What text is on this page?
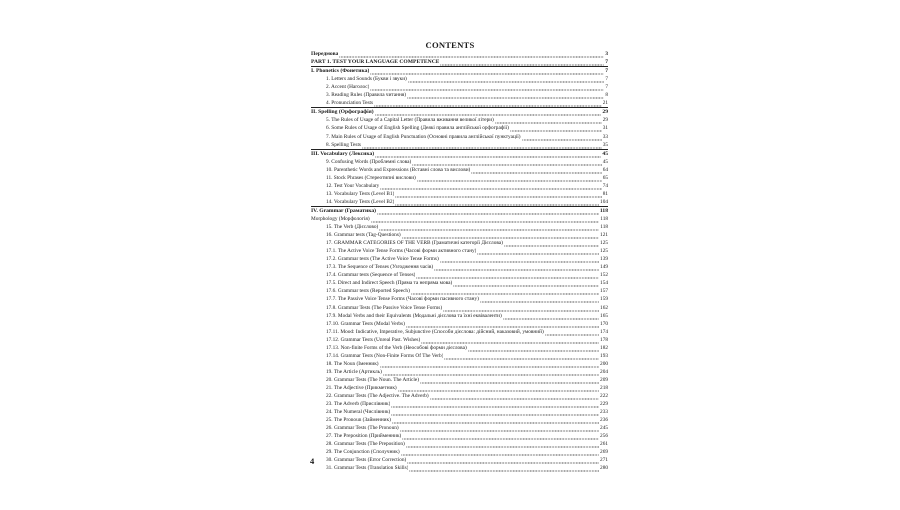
CONTENTS
Передмова	3
PART 1. TEST YOUR LANGUAGE COMPETENCE	7
I. Phonetics (Фонетика)	7
1. Letters and Sounds (Букви і звуки)	7
2. Accent (Наголос)	7
3. Reading Rules (Правила читання)	8
4. Pronunciation Tests	21
II. Spelling (Орфографія)	29
5. The Rules of Usage of a Capital Letter (Правила вживання великої літери)	29
6. Some Rules of Usage of English Spelling (Деякі правила англійської орфографії)	31
7. Main Rules of Usage of English Punctuation (Основні правила англійської пунктуації)	33
8. Spelling Tests	35
III. Vocabulary (Лексика)	45
9. Confusing Words (Проблемні слова)	45
10. Parenthetic Words and Expressions (Вставні слова та вислови)	64
11. Stock Phrases (Стереотипні вислови)	65
12. Test Your Vocabulary	74
13. Vocabulary Tests (Level B1)	81
14. Vocabulary Tests (Level B2)	104
IV. Grammar (Граматика)	118
Morphology (Морфологія)	118
15. The Verb (Дієслово)	118
16. Grammar tests (Tag-Questions)	121
17. GRAMMAR CATEGORIES OF THE VERB (Граматичні категорії Дієслова)	125
17.1. The Active Voice Tense Forms (Часові форми активного стану)	125
17.2. Grammar tests (The Active Voice Tense Forms)	139
17.3. The Sequence of Tenses (Узгодження часів)	149
17.4. Grammar tests (Sequence of Tenses)	152
17.5. Direct and Indirect Speech (Пряма та непряма мова)	154
17.6. Grammar tests (Reported Speech)	157
17.7. The Passive Voice Tense Forms (Часові форми пасивного стану)	159
17.8. Grammar Tests (The Passive Voice Tense Forms)	162
17.9. Modal Verbs and their Equivalents (Модальні дієслова та їхні еквіваленти)	165
17.10. Grammar Tests (Modal Verbs)	170
17.11. Mood: Indicative, Imperative, Subjunctive (Способи дієслова: дійсний, наказовий, умовний)	174
17.12. Grammar Tests (Unreal Past. Wishes)	178
17.13. Non-finite Forms of the Verb (Неособові форми дієслова)	182
17.14. Grammar Tests (Non-Finite Forms Of The Verb)	193
18. The Noun (Іменник)	200
19. The Article (Артикль)	204
20. Grammar Tests (The Noun. The Article)	209
21. The Adjective (Прикметник)	218
22. Grammar Tests (The Adjective. The Adverb)	222
23. The Adverb (Прислівник)	229
24. The Numeral (Числівник)	233
25. The Pronoun (Займенник)	236
26. Grammar Tests (The Pronoun)	245
27. The Preposition (Прийменник)	256
28. Grammar Tests (The Preposition)	261
29. The Conjunction (Сполучник)	269
30. Grammar Tests (Error Correction)	271
31. Grammar Tests (Translation Skills)	280
4
